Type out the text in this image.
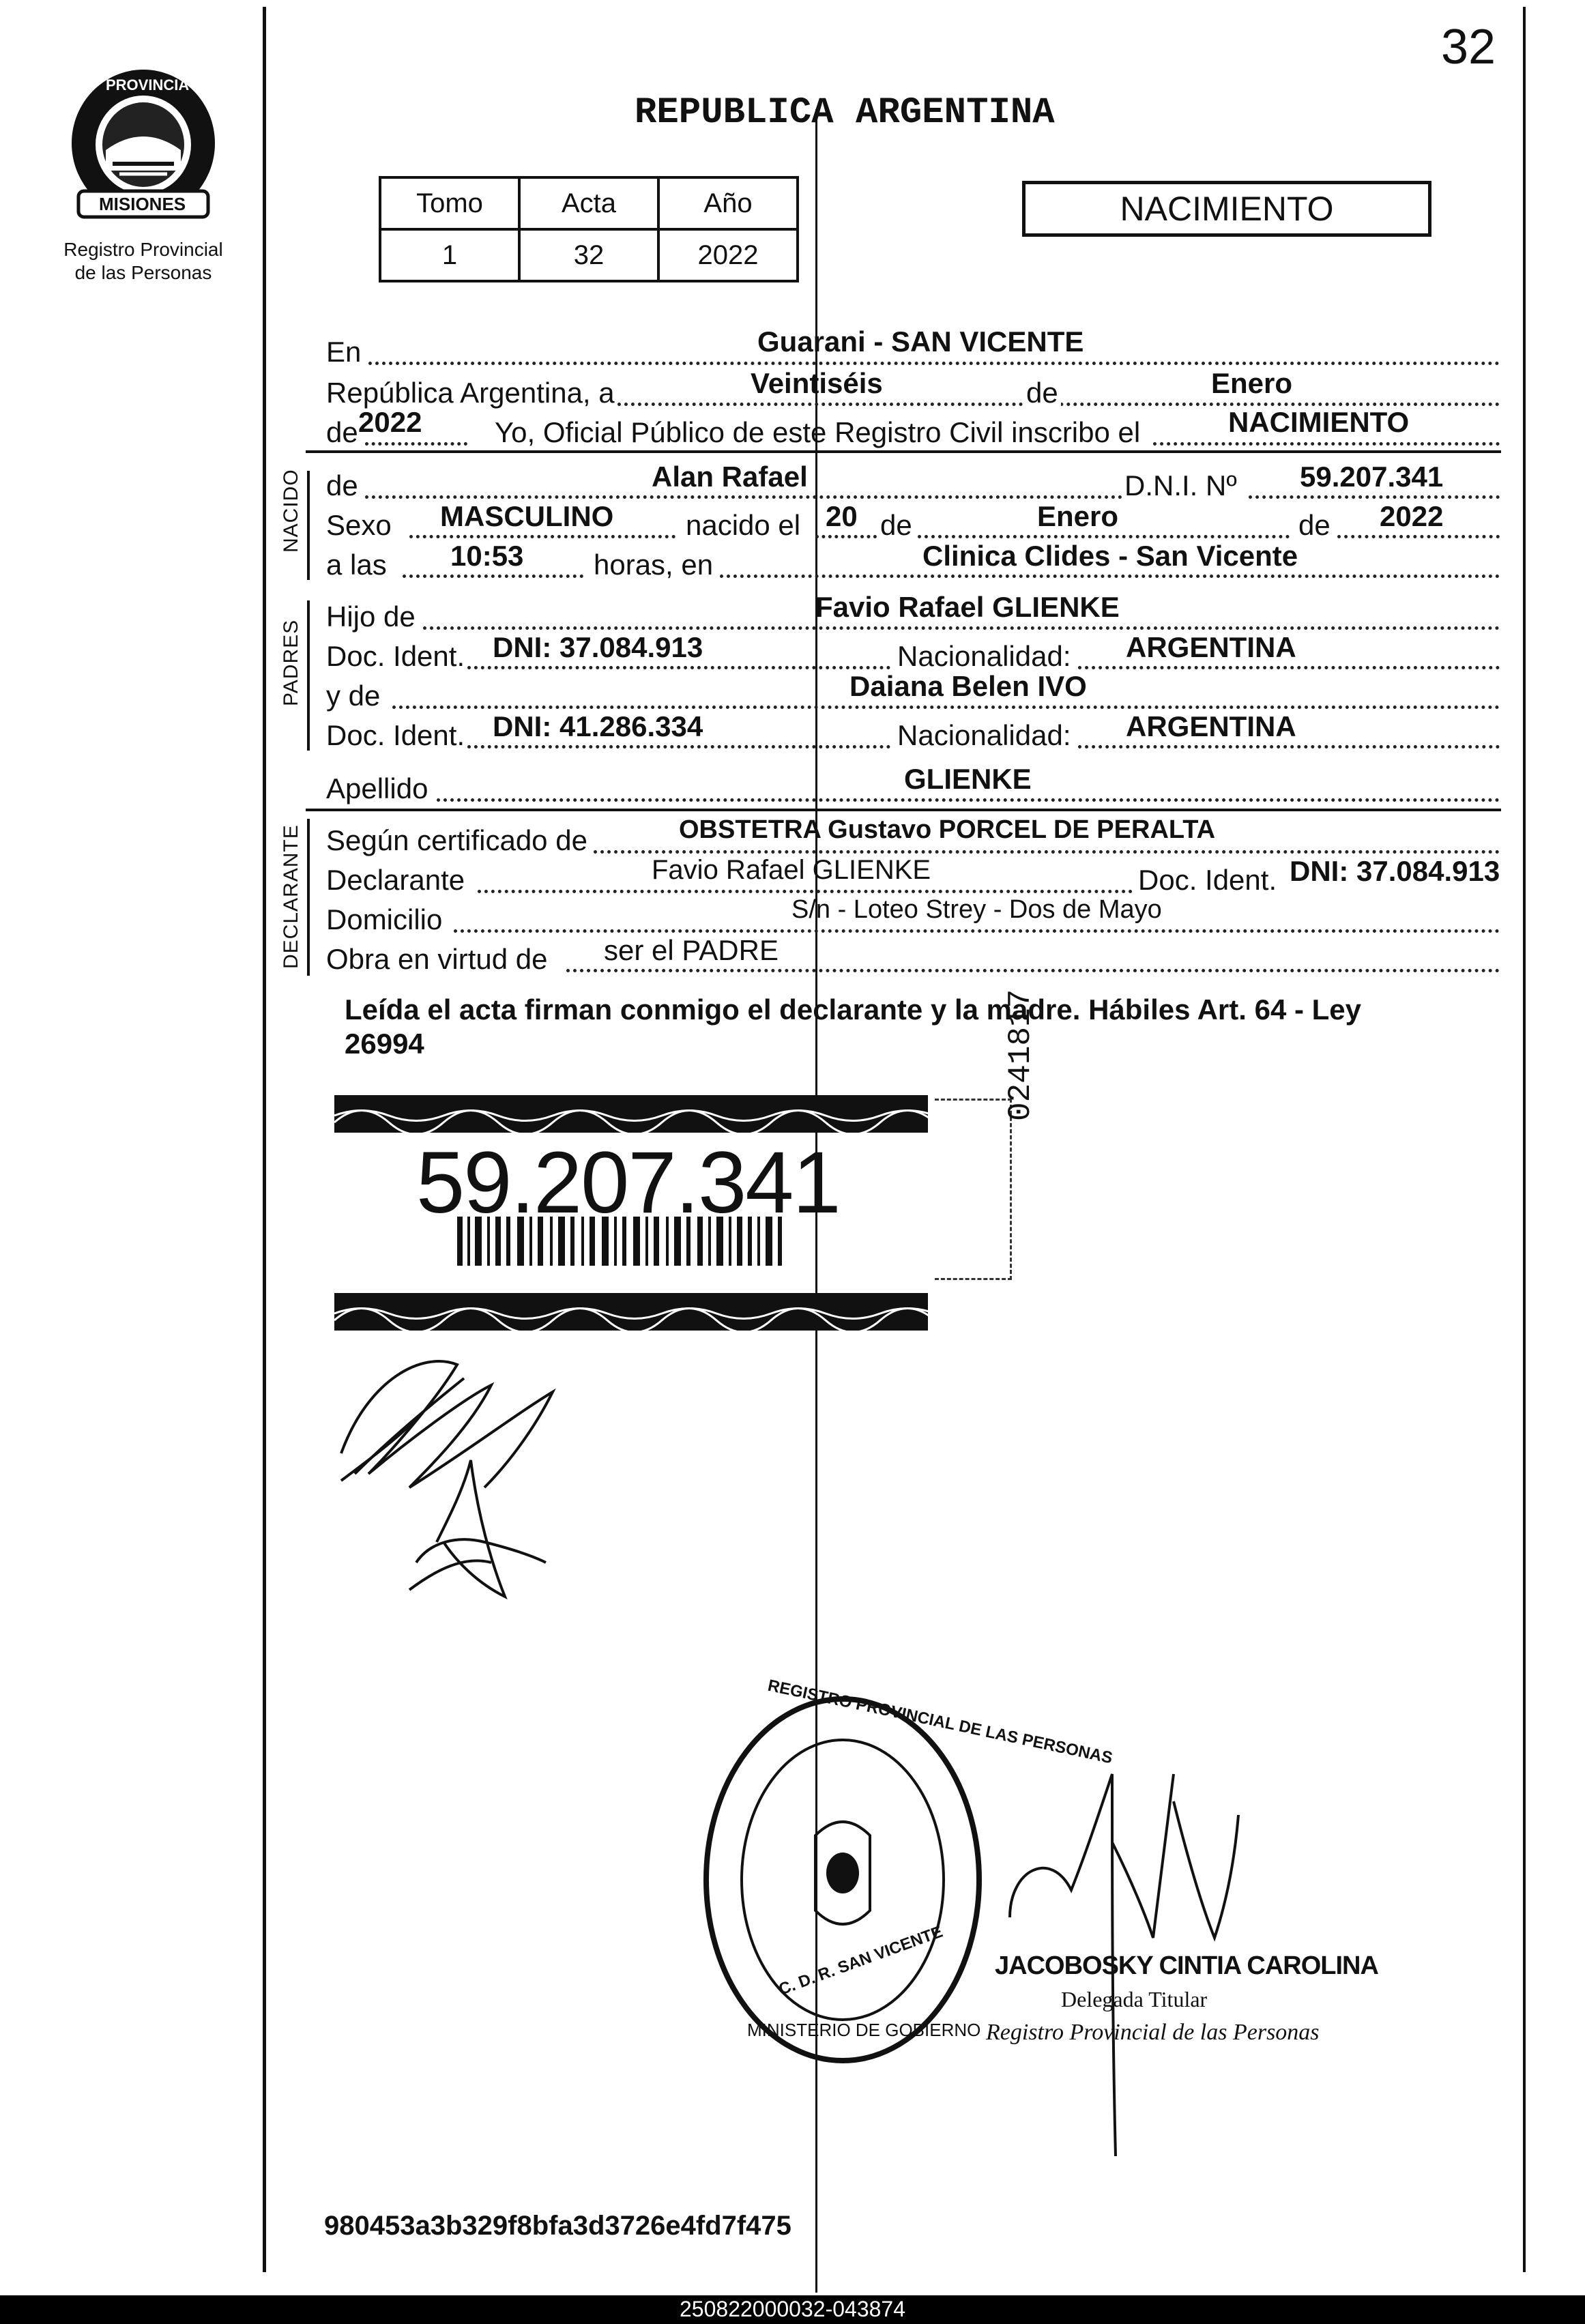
32
PROVINCIA DE
MISIONES
Registro Provincial
de las Personas
REPUBLICA ARGENTINA
Tomo	Acta	Año
1	32	2022
NACIMIENTO
En	Guarani - SAN VICENTE
República Argentina, a	Veintiséis	de	Enero
de 2022	Yo, Oficial Público de este Registro Civil inscribo el	NACIMIENTO
NACIDO de	Alan Rafael	D.N.I. Nº 59.207.341
Sexo MASCULINO	nacido el 20 de	Enero	de 2022
a las 10:53 horas, en	Clinica Clides - San Vicente
PADRES
Hijo de	Favio Rafael GLIENKE
Doc. Ident. DNI: 37.084.913	Nacionalidad: ARGENTINA
y de	Daiana Belen IVO
Doc. Ident. DNI: 41.286.334	Nacionalidad: ARGENTINA
Apellido	GLIENKE
DECLARANTE Según certificado de	OBSTETRA Gustavo PORCEL DE PERALTA
Declarante	Favio Rafael GLIENKE	Doc. Ident. DNI: 37.084.913
Domicilio	S/n - Loteo Strey - Dos de Mayo
Obra en virtud de ser el PADRE
Leída el acta firman conmigo el declarante y la madre. Hábiles Art. 64 - Ley
26994
59.207.341
0241817
REGISTRO PROVINCIAL DE LAS PERSONAS
C. D. R. SAN VICENTE
MINISTERIO DE GOBIERNO
JACOBOSKY CINTIA CAROLINA
Delegada Titular
Registro Provincial de las Personas
980453a3b329f8bfa3d3726e4fd7f475
250822000032-043874
